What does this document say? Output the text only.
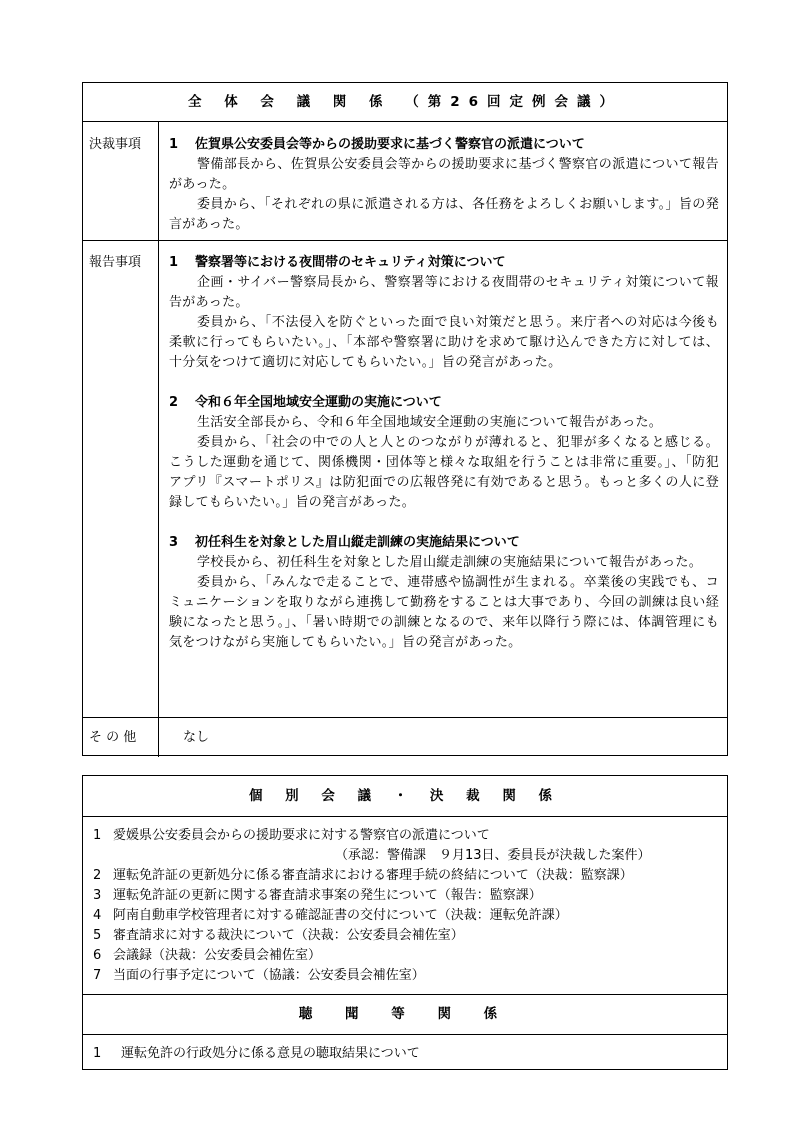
全 体 会 議 関 係 （第26回定例会議）
決裁事項	1 佐賀県公安委員会等からの援助要求に基づく警察官の派遣について

警備部長から、佐賀県公安委員会等からの援助要求に基づく警察官の派遣について報告があった。

委員から、「それぞれの県に派遣される方は、各任務をよろしくお願いします。」旨の発言があった。

報告事項	1 警察署等における夜間帯のセキュリティ対策について

企画・サイバー警察局長から、警察署等における夜間帯のセキュリティ対策について報告があった。

委員から、「不法侵入を防ぐといった面で良い対策だと思う。来庁者への対応は今後も柔軟に行ってもらいたい。」、「本部や警察署に助けを求めて駆け込んできた方に対しては、十分気をつけて適切に対応してもらいたい。」旨の発言があった。

2 令和６年全国地域安全運動の実施について

生活安全部長から、令和６年全国地域安全運動の実施について報告があった。

委員から、「社会の中での人と人とのつながりが薄れると、犯罪が多くなると感じる。こうした運動を通じて、関係機関・団体等と様々な取組を行うことは非常に重要。」、「防犯アプリ『スマートポリス』は防犯面での広報啓発に有効であると思う。もっと多くの人に登録してもらいたい。」旨の発言があった。

3 初任科生を対象とした眉山縦走訓練の実施結果について

学校長から、初任科生を対象とした眉山縦走訓練の実施結果について報告があった。

委員から、「みんなで走ることで、連帯感や協調性が生まれる。卒業後の実践でも、コミュニケーションを取りながら連携して勤務をすることは大事であり、今回の訓練は良い経験になったと思う。」、「暑い時期での訓練となるので、来年以降行う際には、体調管理にも気をつけながら実施してもらいたい。」旨の発言があった。

そ の 他	なし
個 別 会 議 ・ 決 裁 関 係
1 愛媛県公安委員会からの援助要求に対する警察官の派遣について
（承認：警備課　９月13日、委員長が決裁した案件）
2 運転免許証の更新処分に係る審査請求における審理手続の終結について（決裁：監察課）
3 運転免許証の更新に関する審査請求事案の発生について（報告：監察課）
4 阿南自動車学校管理者に対する確認証書の交付について（決裁：運転免許課）
5 審査請求に対する裁決について（決裁：公安委員会補佐室）
6 会議録（決裁：公安委員会補佐室）
7 当面の行事予定について（協議：公安委員会補佐室）
聴 聞 等 関 係
1 運転免許の行政処分に係る意見の聴取結果について
